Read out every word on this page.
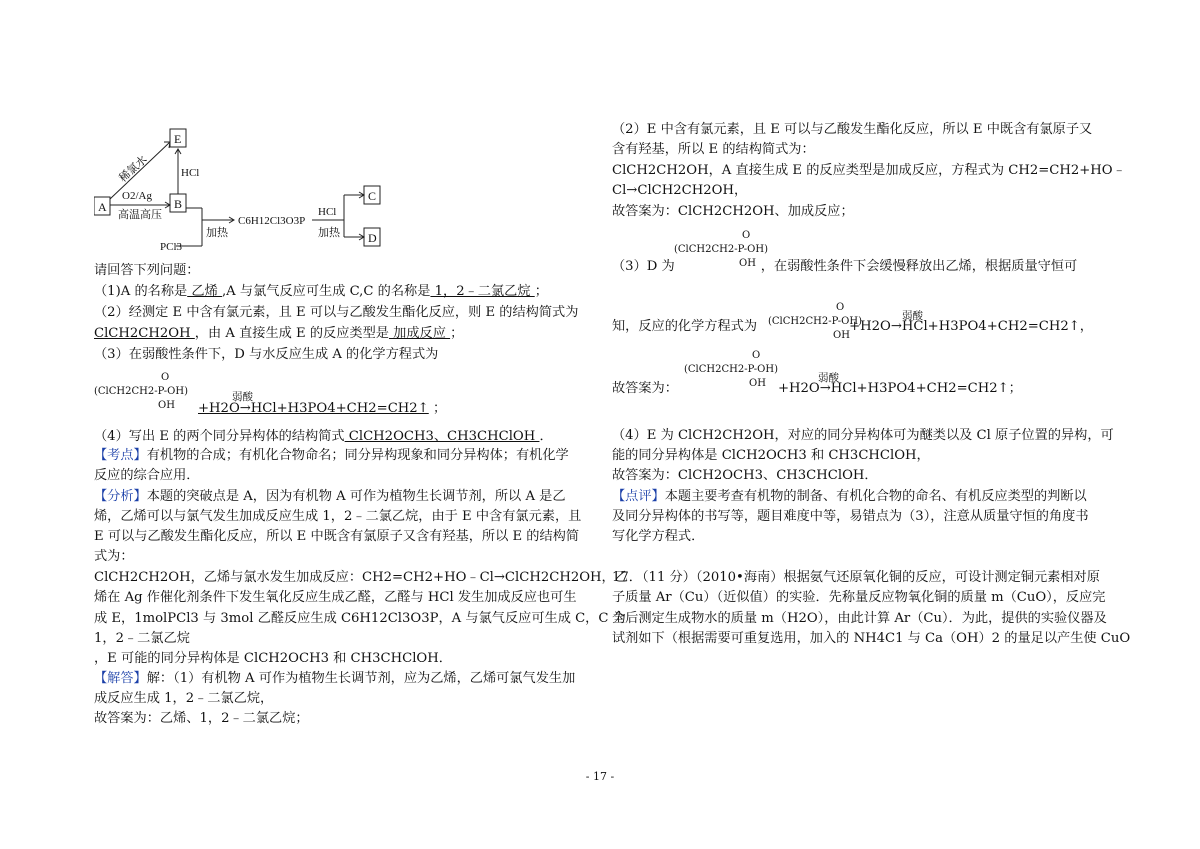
A
E
B
C
D
稀氯水	HCl
O2/Ag
高温高压
PCl3
加热
C6H12Cl3O3P
HCl
加热
请回答下列问题：
（1)A 的名称是 乙烯 ,A 与氯气反应可生成 C,C 的名称是 1，2﹣二氯乙烷 ；
（2）经测定 E 中含有氯元素，且 E 可以与乙酸发生酯化反应，则 E 的结构简式为
ClCH2CH2OH ，由 A 直接生成 E 的反应类型是 加成反应 ；
（3）在弱酸性条件下，D 与水反应生成 A 的化学方程式为
O
(ClCH2CH2-P-OH)
OH
弱酸
+H2O→HCl+H3PO4+CH2=CH2↑ ；
（4）写出 E 的两个同分异构体的结构简式 ClCH2OCH3、CH3CHClOH ．
【考点】有机物的合成；有机化合物命名；同分异构现象和同分异构体；有机化学
反应的综合应用．
【分析】本题的突破点是 A，因为有机物 A 可作为植物生长调节剂，所以 A 是乙
烯，乙烯可以与氯气发生加成反应生成 1，2﹣二氯乙烷，由于 E 中含有氯元素，且
E 可以与乙酸发生酯化反应，所以 E 中既含有氯原子又含有羟基，所以 E 的结构简
式为：
ClCH2CH2OH，乙烯与氯水发生加成反应：CH2=CH2+HO﹣Cl→ClCH2CH2OH，乙
烯在 Ag 作催化剂条件下发生氧化反应生成乙醛，乙醛与 HCl 发生加成反应也可生
成 E，1molPCl3 与 3mol 乙醛反应生成 C6H12Cl3O3P，A 与氯气反应可生成 C，C 为
1，2﹣二氯乙烷
，E 可能的同分异构体是 ClCH2OCH3 和 CH3CHClOH．
【解答】解：（1）有机物 A 可作为植物生长调节剂，应为乙烯，乙烯可氯气发生加
成反应生成 1，2﹣二氯乙烷，
故答案为：乙烯、1，2﹣二氯乙烷；
（2）E 中含有氯元素，且 E 可以与乙酸发生酯化反应，所以 E 中既含有氯原子又
含有羟基，所以 E 的结构简式为：
ClCH2CH2OH，A 直接生成 E 的反应类型是加成反应，方程式为 CH2=CH2+HO﹣
Cl→ClCH2CH2OH，
故答案为：ClCH2CH2OH、加成反应；
O
(ClCH2CH2-P-OH)
OH
（3）D 为	，在弱酸性条件下会缓慢释放出乙烯，根据质量守恒可
O
(ClCH2CH2-P-OH)
OH
弱酸
知，反应的化学方程式为	+H2O→HCl+H3PO4+CH2=CH2↑，
O
(ClCH2CH2-P-OH)
OH	弱酸
故答案为：	+H2O→HCl+H3PO4+CH2=CH2↑；
（4）E 为 ClCH2CH2OH，对应的同分异构体可为醚类以及 Cl 原子位置的异构，可
能的同分异构体是 ClCH2OCH3 和 CH3CHClOH，
故答案为：ClCH2OCH3、CH3CHClOH．
【点评】本题主要考查有机物的制备、有机化合物的命名、有机反应类型的判断以
及同分异构体的书写等，题目难度中等，易错点为（3），注意从质量守恒的角度书
写化学方程式．
17．（11 分）（2010•海南）根据氨气还原氧化铜的反应，可设计测定铜元素相对原
子质量 Ar（Cu）（近似值）的实验．先称量反应物氧化铜的质量 m（CuO），反应完
全后测定生成物水的质量 m（H2O），由此计算 Ar（Cu）．为此，提供的实验仪器及
试剂如下（根据需要可重复选用，加入的 NH4C1 与 Ca（OH）2 的量足以产生使 CuO
- 17 -
